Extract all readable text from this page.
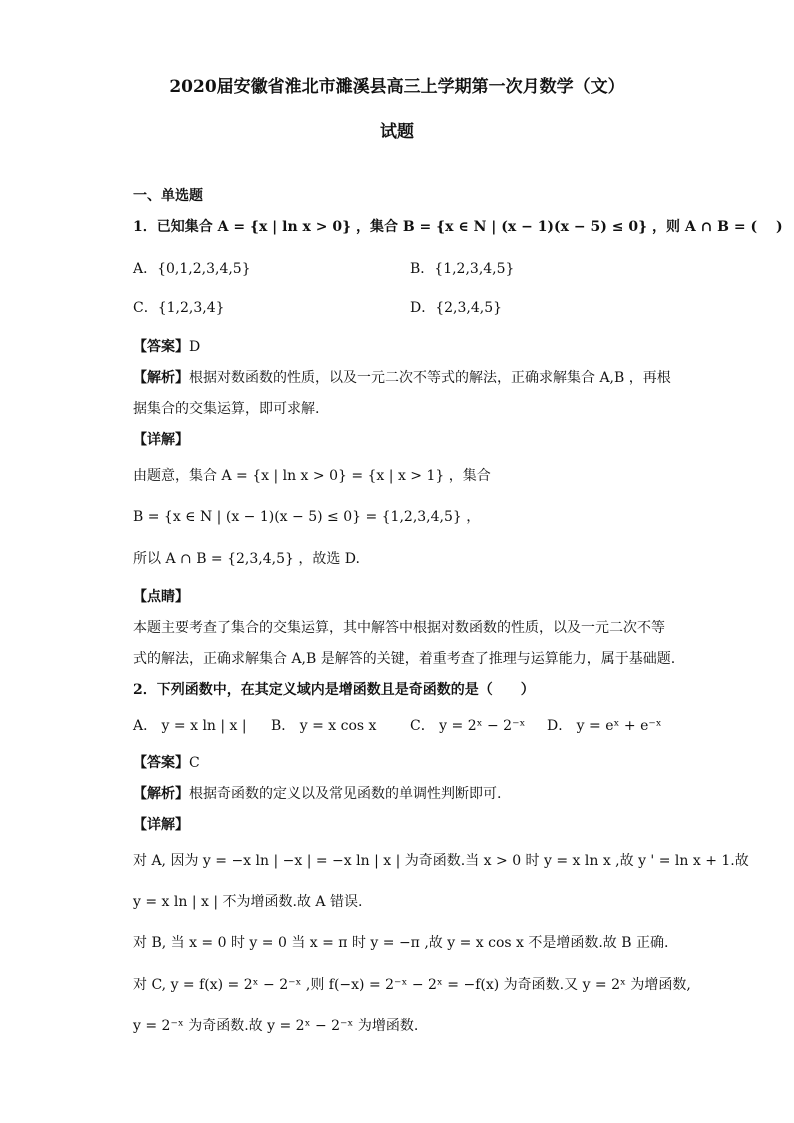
2020届安徽省淮北市濉溪县高三上学期第一次月数学（文）
试题
一、单选题
1．已知集合 A = {x | ln x > 0} ，集合 B = {x ∈ N | (x − 1)(x − 5) ≤ 0} ，则 A ∩ B = (　 )
A．{0,1,2,3,4,5}	B．{1,2,3,4,5}
C．{1,2,3,4}	D．{2,3,4,5}
【答案】D
【解析】根据对数函数的性质，以及一元二次不等式的解法，正确求解集合 A,B ，再根
据集合的交集运算，即可求解.
【详解】
由题意，集合 A = {x | ln x > 0} = {x | x > 1} ，集合
B = {x ∈ N | (x − 1)(x − 5) ≤ 0} = {1,2,3,4,5} ，
所以 A ∩ B = {2,3,4,5} ，故选 D.
【点睛】
本题主要考查了集合的交集运算，其中解答中根据对数函数的性质，以及一元二次不等
式的解法，正确求解集合 A,B 是解答的关键，着重考查了推理与运算能力，属于基础题.
2．下列函数中，在其定义域内是增函数且是奇函数的是（　　）
A． y = x ln | x | B． y = x cos x C． y = 2ˣ − 2⁻ˣ D． y = eˣ + e⁻ˣ
【答案】C
【解析】根据奇函数的定义以及常见函数的单调性判断即可.
【详解】
对 A, 因为 y = −x ln | −x | = −x ln | x | 为奇函数.当 x > 0 时 y = x ln x ,故 y ' = ln x + 1.故
y = x ln | x | 不为增函数.故 A 错误.
对 B, 当 x = 0 时 y = 0 当 x = π 时 y = −π ,故 y = x cos x 不是增函数.故 B 正确.
对 C, y = f(x) = 2ˣ − 2⁻ˣ ,则 f(−x) = 2⁻ˣ − 2ˣ = −f(x) 为奇函数.又 y = 2ˣ 为增函数,
y = 2⁻ˣ 为奇函数.故 y = 2ˣ − 2⁻ˣ 为增函数.
